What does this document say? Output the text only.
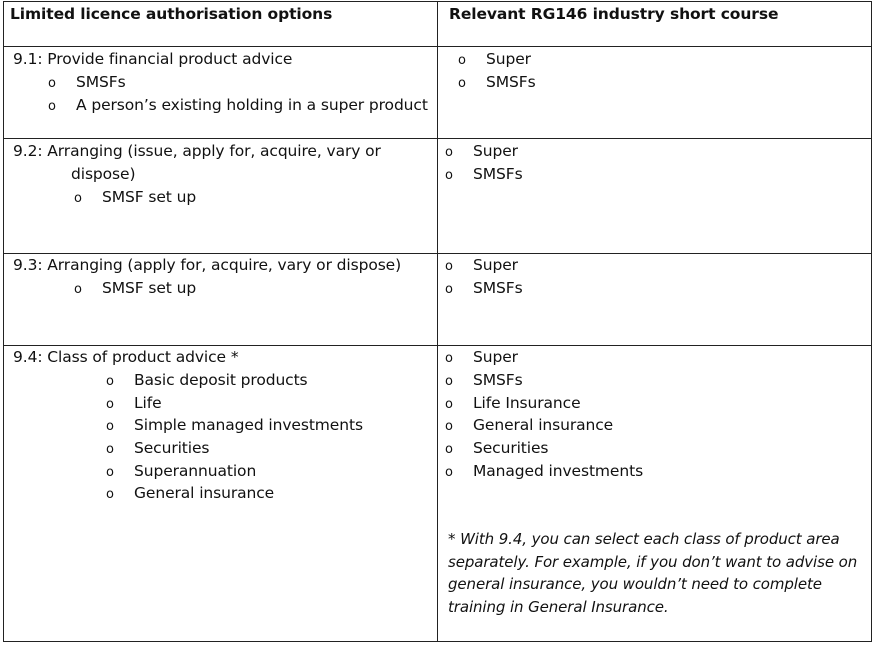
Limited licence authorisation options	Relevant RG146 industry short course
9.1: Provide financial product advice
o SMSFs
o A person’s existing holding in a super product
o Super
o SMSFs
9.2: Arranging (issue, apply for, acquire, vary or
dispose)
o SMSF set up
o Super
o SMSFs
9.3: Arranging (apply for, acquire, vary or dispose)
o SMSF set up
o Super
o SMSFs
9.4: Class of product advice *
o Basic deposit products
o Life
o Simple managed investments
o Securities
o Superannuation
o General insurance
o Super
o SMSFs
o Life Insurance
o General insurance
o Securities
o Managed investments
* With 9.4, you can select each class of product area
separately. For example, if you don’t want to advise on
general insurance, you wouldn’t need to complete
training in General Insurance.
